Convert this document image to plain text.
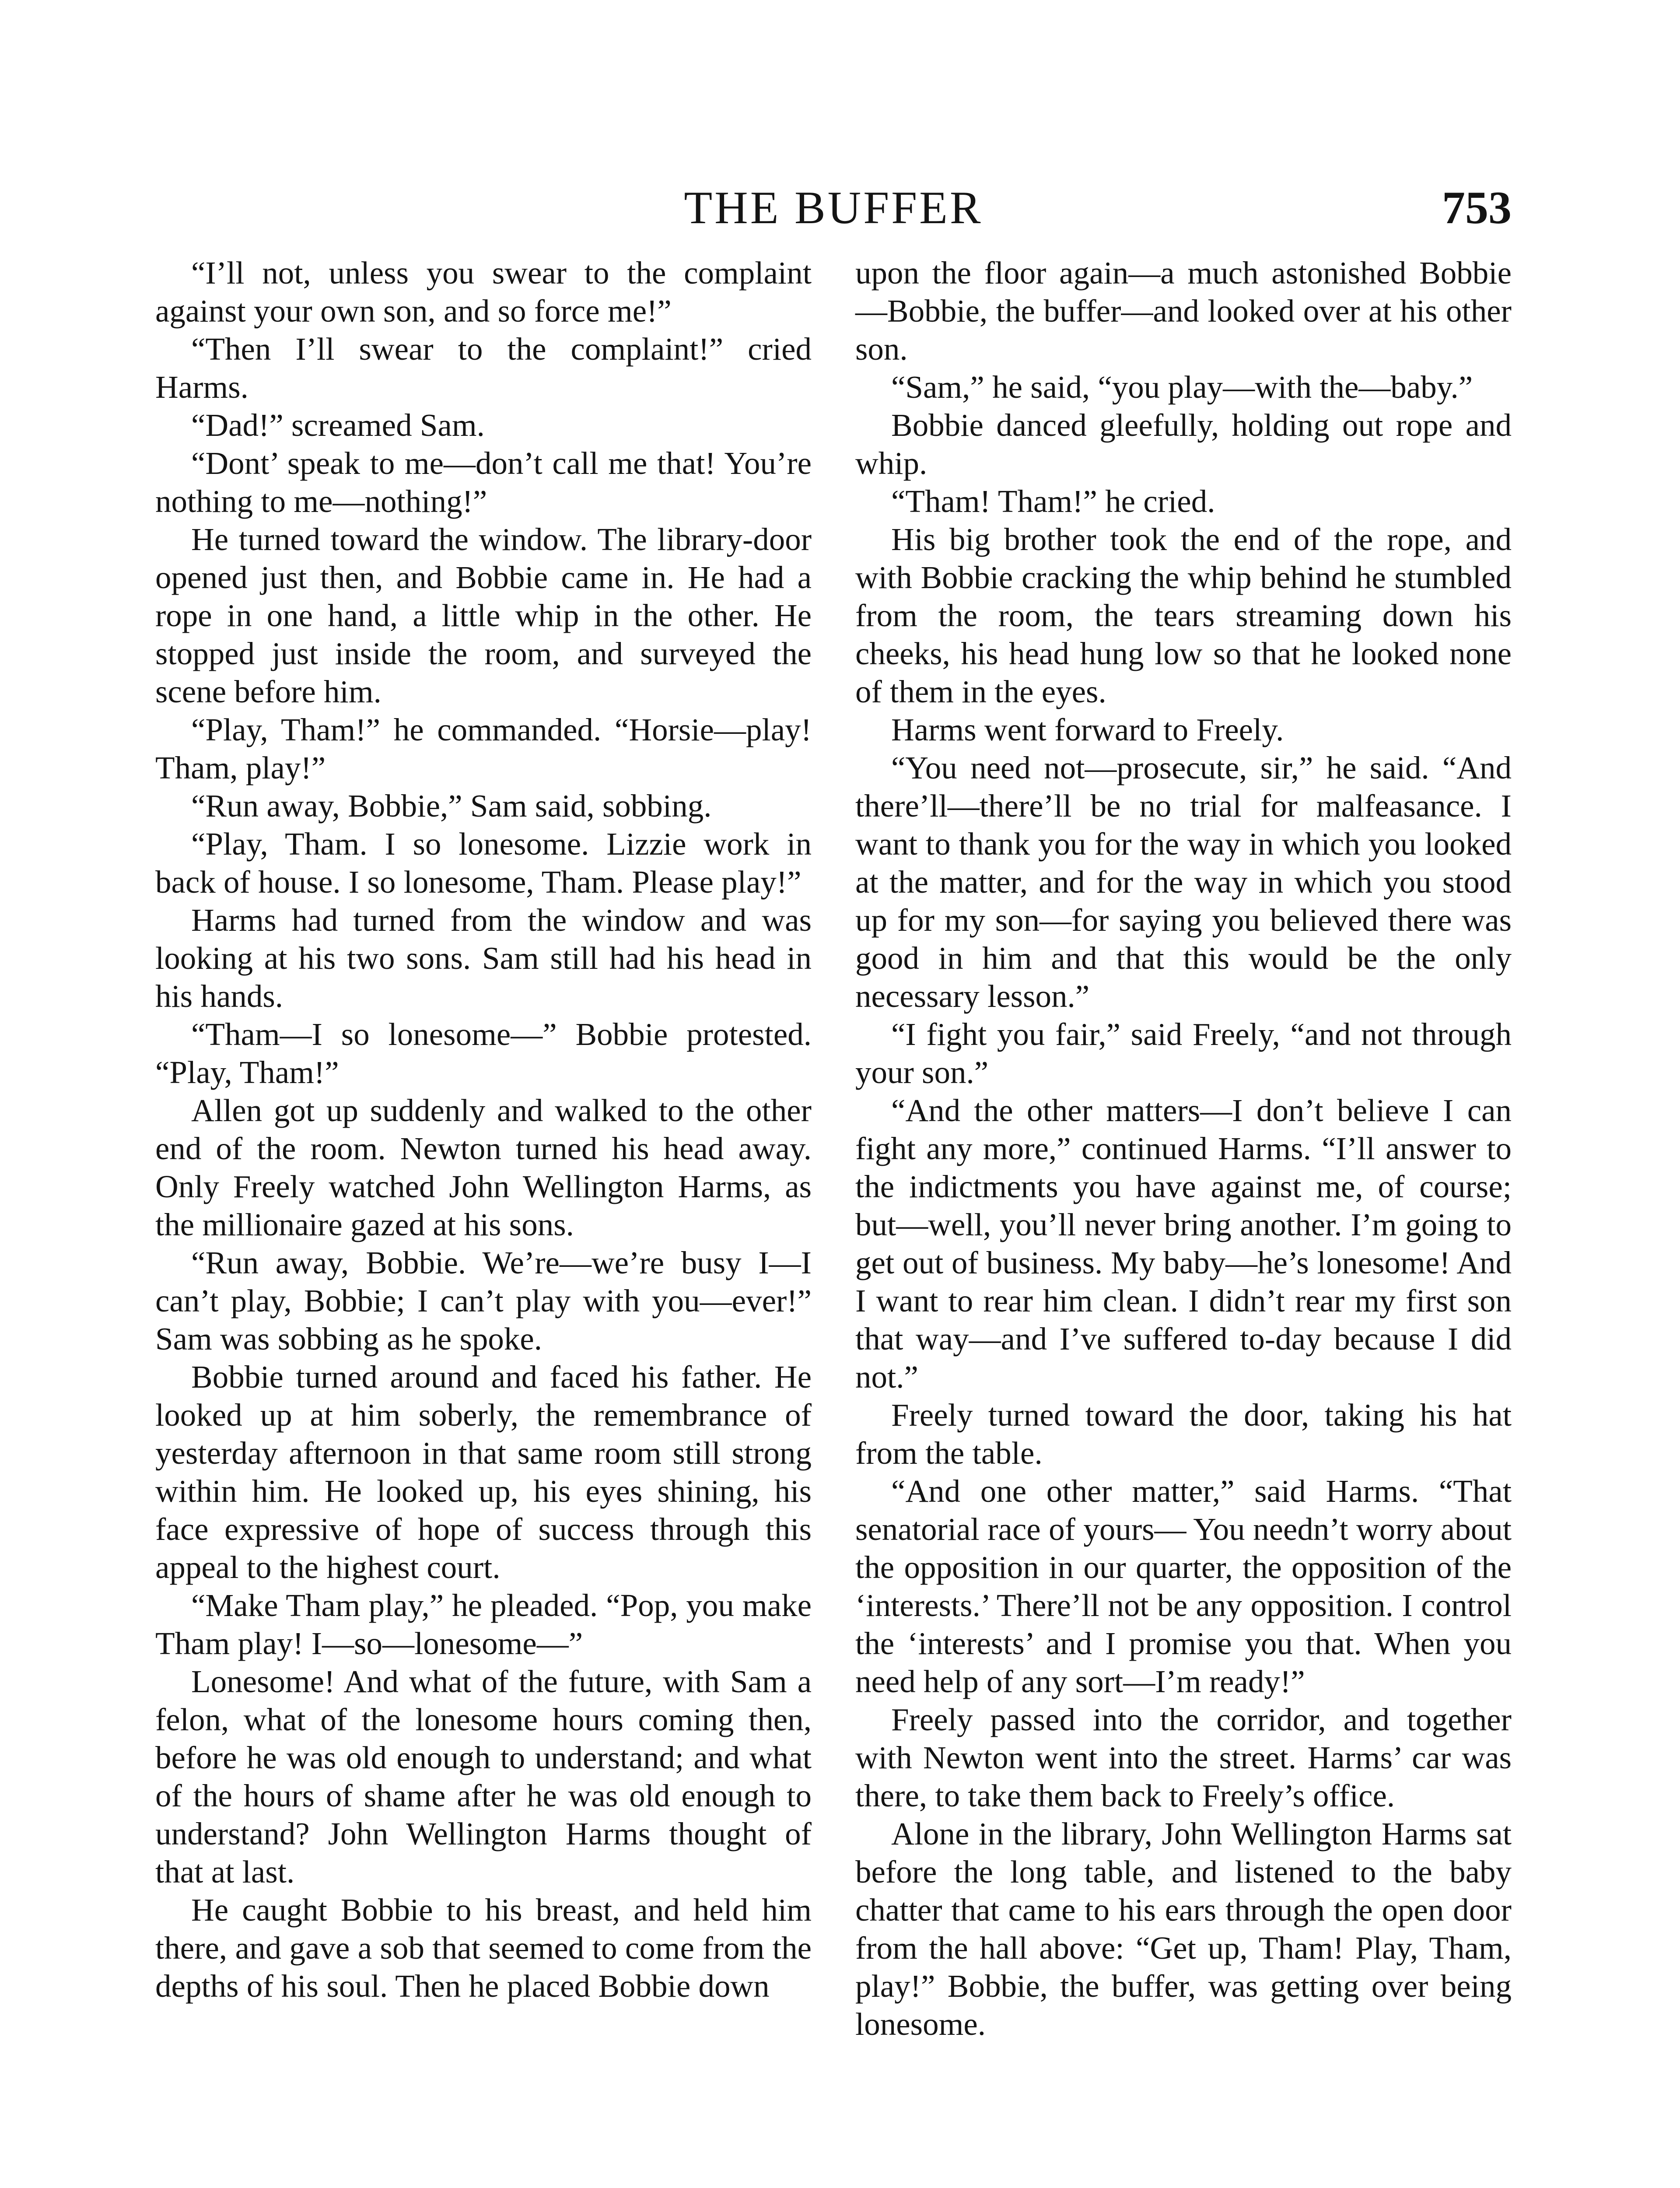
THE BUFFER	753

“I’ll not, unless you swear to the complaint against your own son, and so force me!”

“Then I’ll swear to the complaint!” cried Harms.

“Dad!” screamed Sam.

“Dont’ speak to me—don’t call me that! You’re nothing to me—nothing!”

He turned toward the window. The library-door opened just then, and Bobbie came in. He had a rope in one hand, a little whip in the other. He stopped just inside the room, and surveyed the scene before him.

“Play, Tham!” he commanded. “Horsie—play! Tham, play!”

“Run away, Bobbie,” Sam said, sobbing.

“Play, Tham. I so lonesome. Lizzie work in back of house. I so lonesome, Tham. Please play!”

Harms had turned from the window and was looking at his two sons. Sam still had his head in his hands.

“Tham—I so lonesome—” Bobbie protested. “Play, Tham!”

Allen got up suddenly and walked to the other end of the room. Newton turned his head away. Only Freely watched John Wellington Harms, as the millionaire gazed at his sons.

“Run away, Bobbie. We’re—we’re busy I—I can’t play, Bobbie; I can’t play with you—ever!” Sam was sobbing as he spoke.

Bobbie turned around and faced his father. He looked up at him soberly, the remembrance of yesterday afternoon in that same room still strong within him. He looked up, his eyes shining, his face expressive of hope of success through this appeal to the highest court.

“Make Tham play,” he pleaded. “Pop, you make Tham play! I—so—lonesome—”

Lonesome! And what of the future, with Sam a felon, what of the lonesome hours coming then, before he was old enough to understand; and what of the hours of shame after he was old enough to understand? John Wellington Harms thought of that at last.

He caught Bobbie to his breast, and held him there, and gave a sob that seemed to come from the depths of his soul. Then he placed Bobbie down

upon the floor again—a much astonished Bobbie—Bobbie, the buffer—and looked over at his other son.

“Sam,” he said, “you play—with the—baby.”

Bobbie danced gleefully, holding out rope and whip.

“Tham! Tham!” he cried.

His big brother took the end of the rope, and with Bobbie cracking the whip behind he stumbled from the room, the tears streaming down his cheeks, his head hung low so that he looked none of them in the eyes.

Harms went forward to Freely.

“You need not—prosecute, sir,” he said. “And there’ll—there’ll be no trial for malfeasance. I want to thank you for the way in which you looked at the matter, and for the way in which you stood up for my son—for saying you believed there was good in him and that this would be the only necessary lesson.”

“I fight you fair,” said Freely, “and not through your son.”

“And the other matters—I don’t believe I can fight any more,” continued Harms. “I’ll answer to the indictments you have against me, of course; but—well, you’ll never bring another. I’m going to get out of business. My baby—he’s lonesome! And I want to rear him clean. I didn’t rear my first son that way—and I’ve suffered to-day because I did not.”

Freely turned toward the door, taking his hat from the table.

“And one other matter,” said Harms. “That senatorial race of yours— You needn’t worry about the opposition in our quarter, the opposition of the ‘interests.’ There’ll not be any opposition. I control the ‘interests’ and I promise you that. When you need help of any sort—I’m ready!”

Freely passed into the corridor, and together with Newton went into the street. Harms’ car was there, to take them back to Freely’s office.

Alone in the library, John Wellington Harms sat before the long table, and listened to the baby chatter that came to his ears through the open door from the hall above: “Get up, Tham! Play, Tham, play!” Bobbie, the buffer, was getting over being lonesome.
